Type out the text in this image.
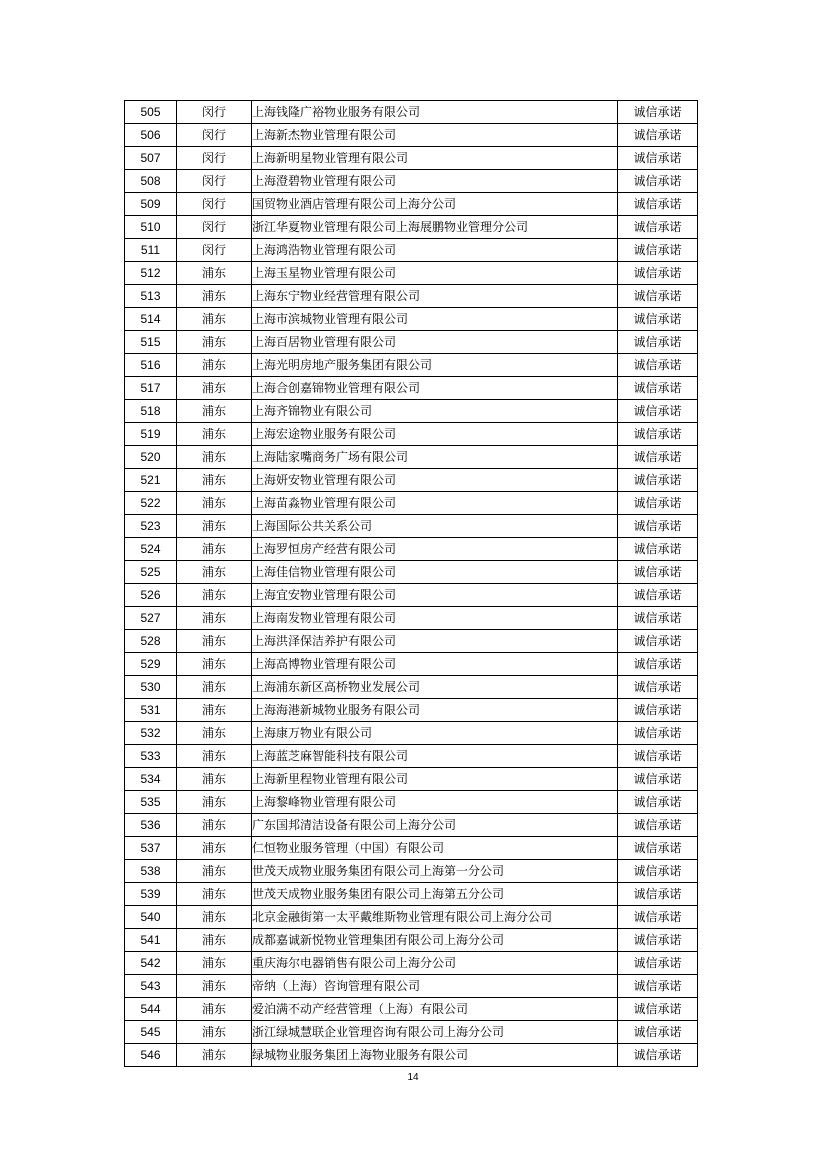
505	闵行	上海钱隆广裕物业服务有限公司	诚信承诺
506	闵行	上海新杰物业管理有限公司	诚信承诺
507	闵行	上海新明星物业管理有限公司	诚信承诺
508	闵行	上海澄碧物业管理有限公司	诚信承诺
509	闵行	国贸物业酒店管理有限公司上海分公司	诚信承诺
510	闵行	浙江华夏物业管理有限公司上海展鹏物业管理分公司	诚信承诺
511	闵行	上海鸿浩物业管理有限公司	诚信承诺
512	浦东	上海玉星物业管理有限公司	诚信承诺
513	浦东	上海东宁物业经营管理有限公司	诚信承诺
514	浦东	上海市滨城物业管理有限公司	诚信承诺
515	浦东	上海百居物业管理有限公司	诚信承诺
516	浦东	上海光明房地产服务集团有限公司	诚信承诺
517	浦东	上海合创嘉锦物业管理有限公司	诚信承诺
518	浦东	上海齐锦物业有限公司	诚信承诺
519	浦东	上海宏途物业服务有限公司	诚信承诺
520	浦东	上海陆家嘴商务广场有限公司	诚信承诺
521	浦东	上海妍安物业管理有限公司	诚信承诺
522	浦东	上海苗淼物业管理有限公司	诚信承诺
523	浦东	上海国际公共关系公司	诚信承诺
524	浦东	上海罗恒房产经营有限公司	诚信承诺
525	浦东	上海佳信物业管理有限公司	诚信承诺
526	浦东	上海宜安物业管理有限公司	诚信承诺
527	浦东	上海南发物业管理有限公司	诚信承诺
528	浦东	上海洪泽保洁养护有限公司	诚信承诺
529	浦东	上海高博物业管理有限公司	诚信承诺
530	浦东	上海浦东新区高桥物业发展公司	诚信承诺
531	浦东	上海海港新城物业服务有限公司	诚信承诺
532	浦东	上海康万物业有限公司	诚信承诺
533	浦东	上海蓝芝麻智能科技有限公司	诚信承诺
534	浦东	上海新里程物业管理有限公司	诚信承诺
535	浦东	上海黎峰物业管理有限公司	诚信承诺
536	浦东	广东国邦清洁设备有限公司上海分公司	诚信承诺
537	浦东	仁恒物业服务管理（中国）有限公司	诚信承诺
538	浦东	世茂天成物业服务集团有限公司上海第一分公司	诚信承诺
539	浦东	世茂天成物业服务集团有限公司上海第五分公司	诚信承诺
540	浦东	北京金融街第一太平戴维斯物业管理有限公司上海分公司	诚信承诺
541	浦东	成都嘉诚新悦物业管理集团有限公司上海分公司	诚信承诺
542	浦东	重庆海尔电器销售有限公司上海分公司	诚信承诺
543	浦东	帝纳（上海）咨询管理有限公司	诚信承诺
544	浦东	爱泊满不动产经营管理（上海）有限公司	诚信承诺
545	浦东	浙江绿城慧联企业管理咨询有限公司上海分公司	诚信承诺
546	浦东	绿城物业服务集团上海物业服务有限公司	诚信承诺
14
